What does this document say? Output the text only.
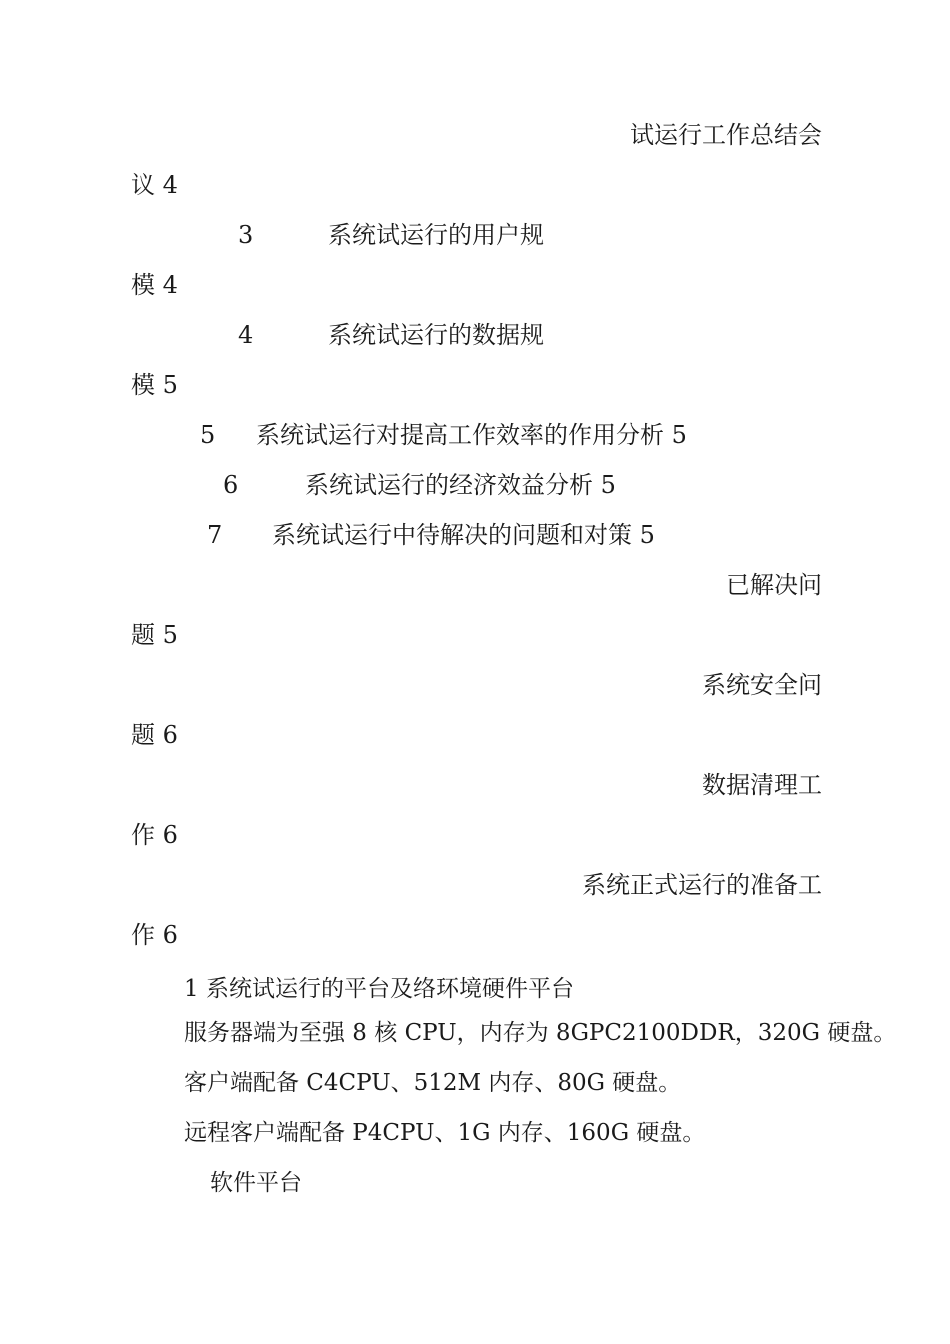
试运行工作总结会
议 4
3	系统试运行的用户规
模 4
4	系统试运行的数据规
模 5
5 系统试运行对提高工作效率的作用分析 5
6	系统试运行的经济效益分析 5
7 系统试运行中待解决的问题和对策 5
已解决问
题 5
系统安全问
题 6
数据清理工
作 6
系统正式运行的准备工
作 6
1 系统试运行的平台及络环境硬件平台
服务器端为至强 8 核 CPU，内存为 8GPC2100DDR，320G 硬盘。
客户端配备 C4CPU、512M 内存、80G 硬盘。
远程客户端配备 P4CPU、1G 内存、160G 硬盘。
软件平台
